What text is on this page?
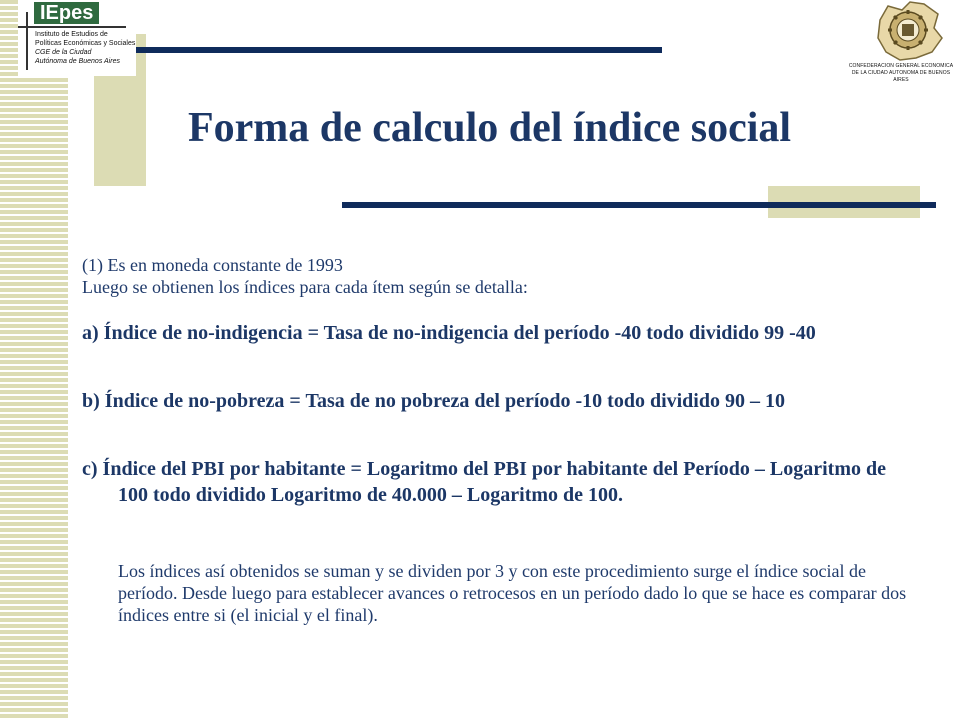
IEpes
Instituto de Estudios de
Políticas Económicas y Sociales
CGE de la Ciudad
Autónoma de Buenos Aires
CONFEDERACION GENERAL ECONOMICA
DE LA CIUDAD AUTONOMA DE BUENOS AIRES
Forma de calculo del índice social
(1) Es en moneda constante de 1993
Luego se obtienen los índices para cada ítem según se detalla:
a) Índice de no-indigencia = Tasa de no-indigencia del período -40 todo dividido 99 -40
b) Índice de no-pobreza = Tasa de no pobreza del período -10 todo dividido 90 – 10
c) Índice del PBI por habitante = Logaritmo del PBI por habitante del Período – Logaritmo de 100 todo dividido Logaritmo de 40.000 – Logaritmo de 100.
Los índices así obtenidos se suman y se dividen por 3 y con este procedimiento surge el índice social de período. Desde luego para establecer avances o retrocesos en un período dado lo que se hace es comparar dos índices entre si (el inicial y el final).
